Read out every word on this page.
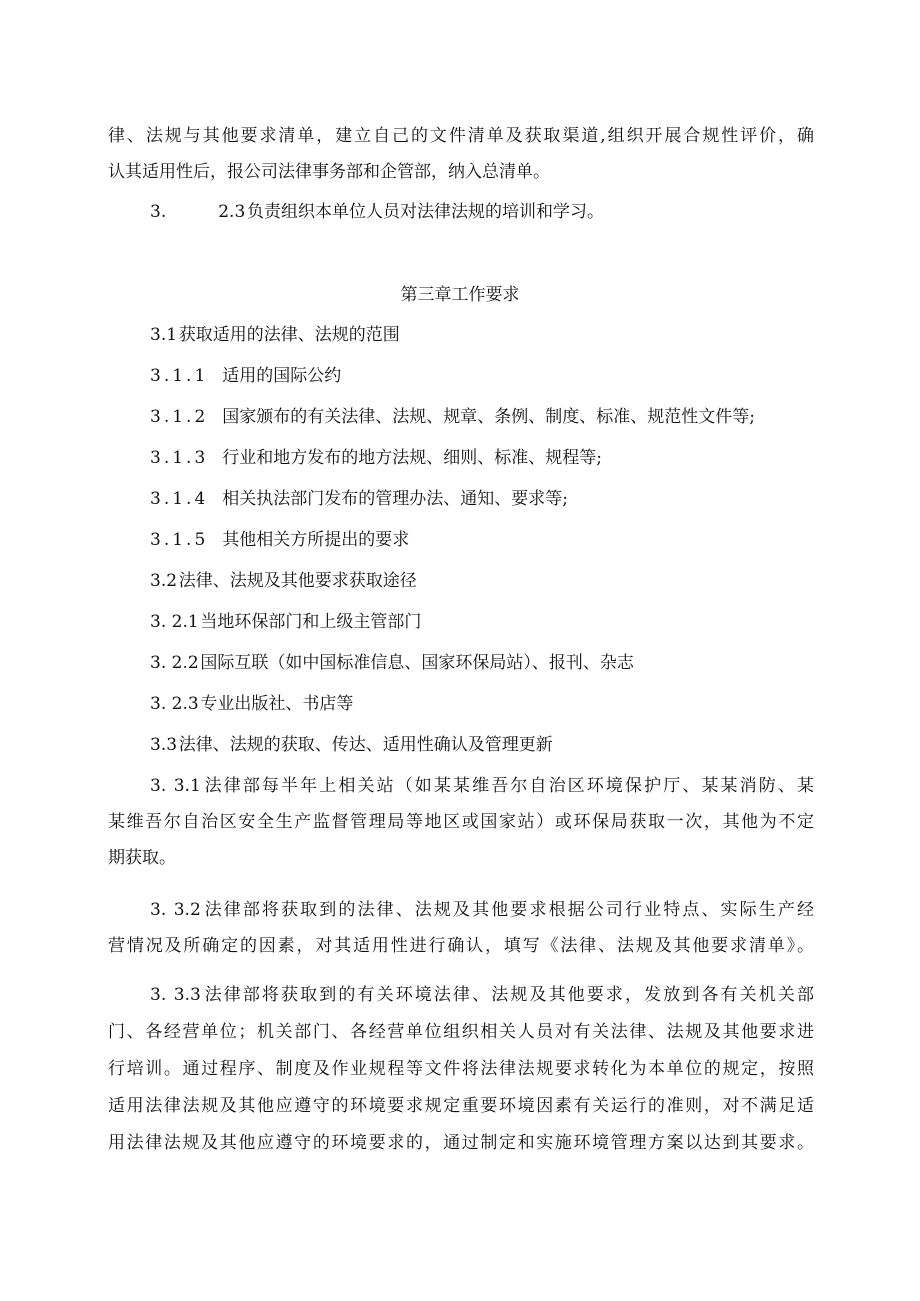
律、法规与其他要求清单，建立自己的文件清单及获取渠道,组织开展合规性评价，确
认其适用性后，报公司法律事务部和企管部，纳入总清单。
3.	2.3  负责组织本单位人员对法律法规的培训和学习。
第三章工作要求
3.1  获取适用的法律、法规的范围
3.1.1 适用的国际公约
3.1.2 国家颁布的有关法律、法规、规章、条例、制度、标准、规范性文件等;
3.1.3 行业和地方发布的地方法规、细则、标准、规程等;
3.1.4 相关执法部门发布的管理办法、通知、要求等;
3.1.5 其他相关方所提出的要求
3.2  法律、法规及其他要求获取途径
3. 2.1  当地环保部门和上级主管部门
3. 2.2  国际互联（如中国标准信息、国家环保局站）、报刊、杂志
3. 2.3  专业出版社、书店等
3.3  法律、法规的获取、传达、适用性确认及管理更新
3. 3.1  法律部每半年上相关站（如某某维吾尔自治区环境保护厅、某某消防、某
某维吾尔自治区安全生产监督管理局等地区或国家站）或环保局获取一次，其他为不定
期获取。
3. 3.2  法律部将获取到的法律、法规及其他要求根据公司行业特点、实际生产经
营情况及所确定的因素，对其适用性进行确认，填写《法律、法规及其他要求清单》。
3. 3.3  法律部将获取到的有关环境法律、法规及其他要求，发放到各有关机关部
门、各经营单位；机关部门、各经营单位组织相关人员对有关法律、法规及其他要求进
行培训。通过程序、制度及作业规程等文件将法律法规要求转化为本单位的规定，按照
适用法律法规及其他应遵守的环境要求规定重要环境因素有关运行的准则，对不满足适
用法律法规及其他应遵守的环境要求的，通过制定和实施环境管理方案以达到其要求。
